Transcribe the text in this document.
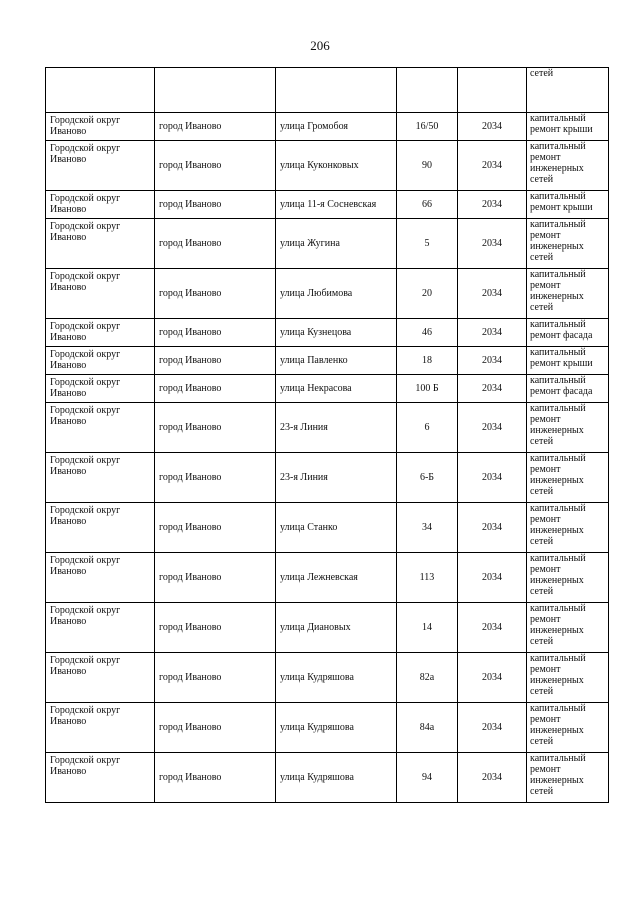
206
					сетей
Городской округ Иваново	город Иваново	улица Громобоя	16/50	2034	капитальный ремонт крыши
Городской округ Иваново	город Иваново	улица Куконковых	90	2034	капитальный ремонт инженерных сетей
Городской округ Иваново	город Иваново	улица 11-я Сосневская	66	2034	капитальный ремонт крыши
Городской округ Иваново	город Иваново	улица Жугина	5	2034	капитальный ремонт инженерных сетей
Городской округ Иваново	город Иваново	улица Любимова	20	2034	капитальный ремонт инженерных сетей
Городской округ Иваново	город Иваново	улица Кузнецова	46	2034	капитальный ремонт фасада
Городской округ Иваново	город Иваново	улица Павленко	18	2034	капитальный ремонт крыши
Городской округ Иваново	город Иваново	улица Некрасова	100 Б	2034	капитальный ремонт фасада
Городской округ Иваново	город Иваново	23-я Линия	6	2034	капитальный ремонт инженерных сетей
Городской округ Иваново	город Иваново	23-я Линия	6-Б	2034	капитальный ремонт инженерных сетей
Городской округ Иваново	город Иваново	улица Станко	34	2034	капитальный ремонт инженерных сетей
Городской округ Иваново	город Иваново	улица Лежневская	113	2034	капитальный ремонт инженерных сетей
Городской округ Иваново	город Иваново	улица Диановых	14	2034	капитальный ремонт инженерных сетей
Городской округ Иваново	город Иваново	улица Кудряшова	82а	2034	капитальный ремонт инженерных сетей
Городской округ Иваново	город Иваново	улица Кудряшова	84а	2034	капитальный ремонт инженерных сетей
Городской округ Иваново	город Иваново	улица Кудряшова	94	2034	капитальный ремонт инженерных сетей
